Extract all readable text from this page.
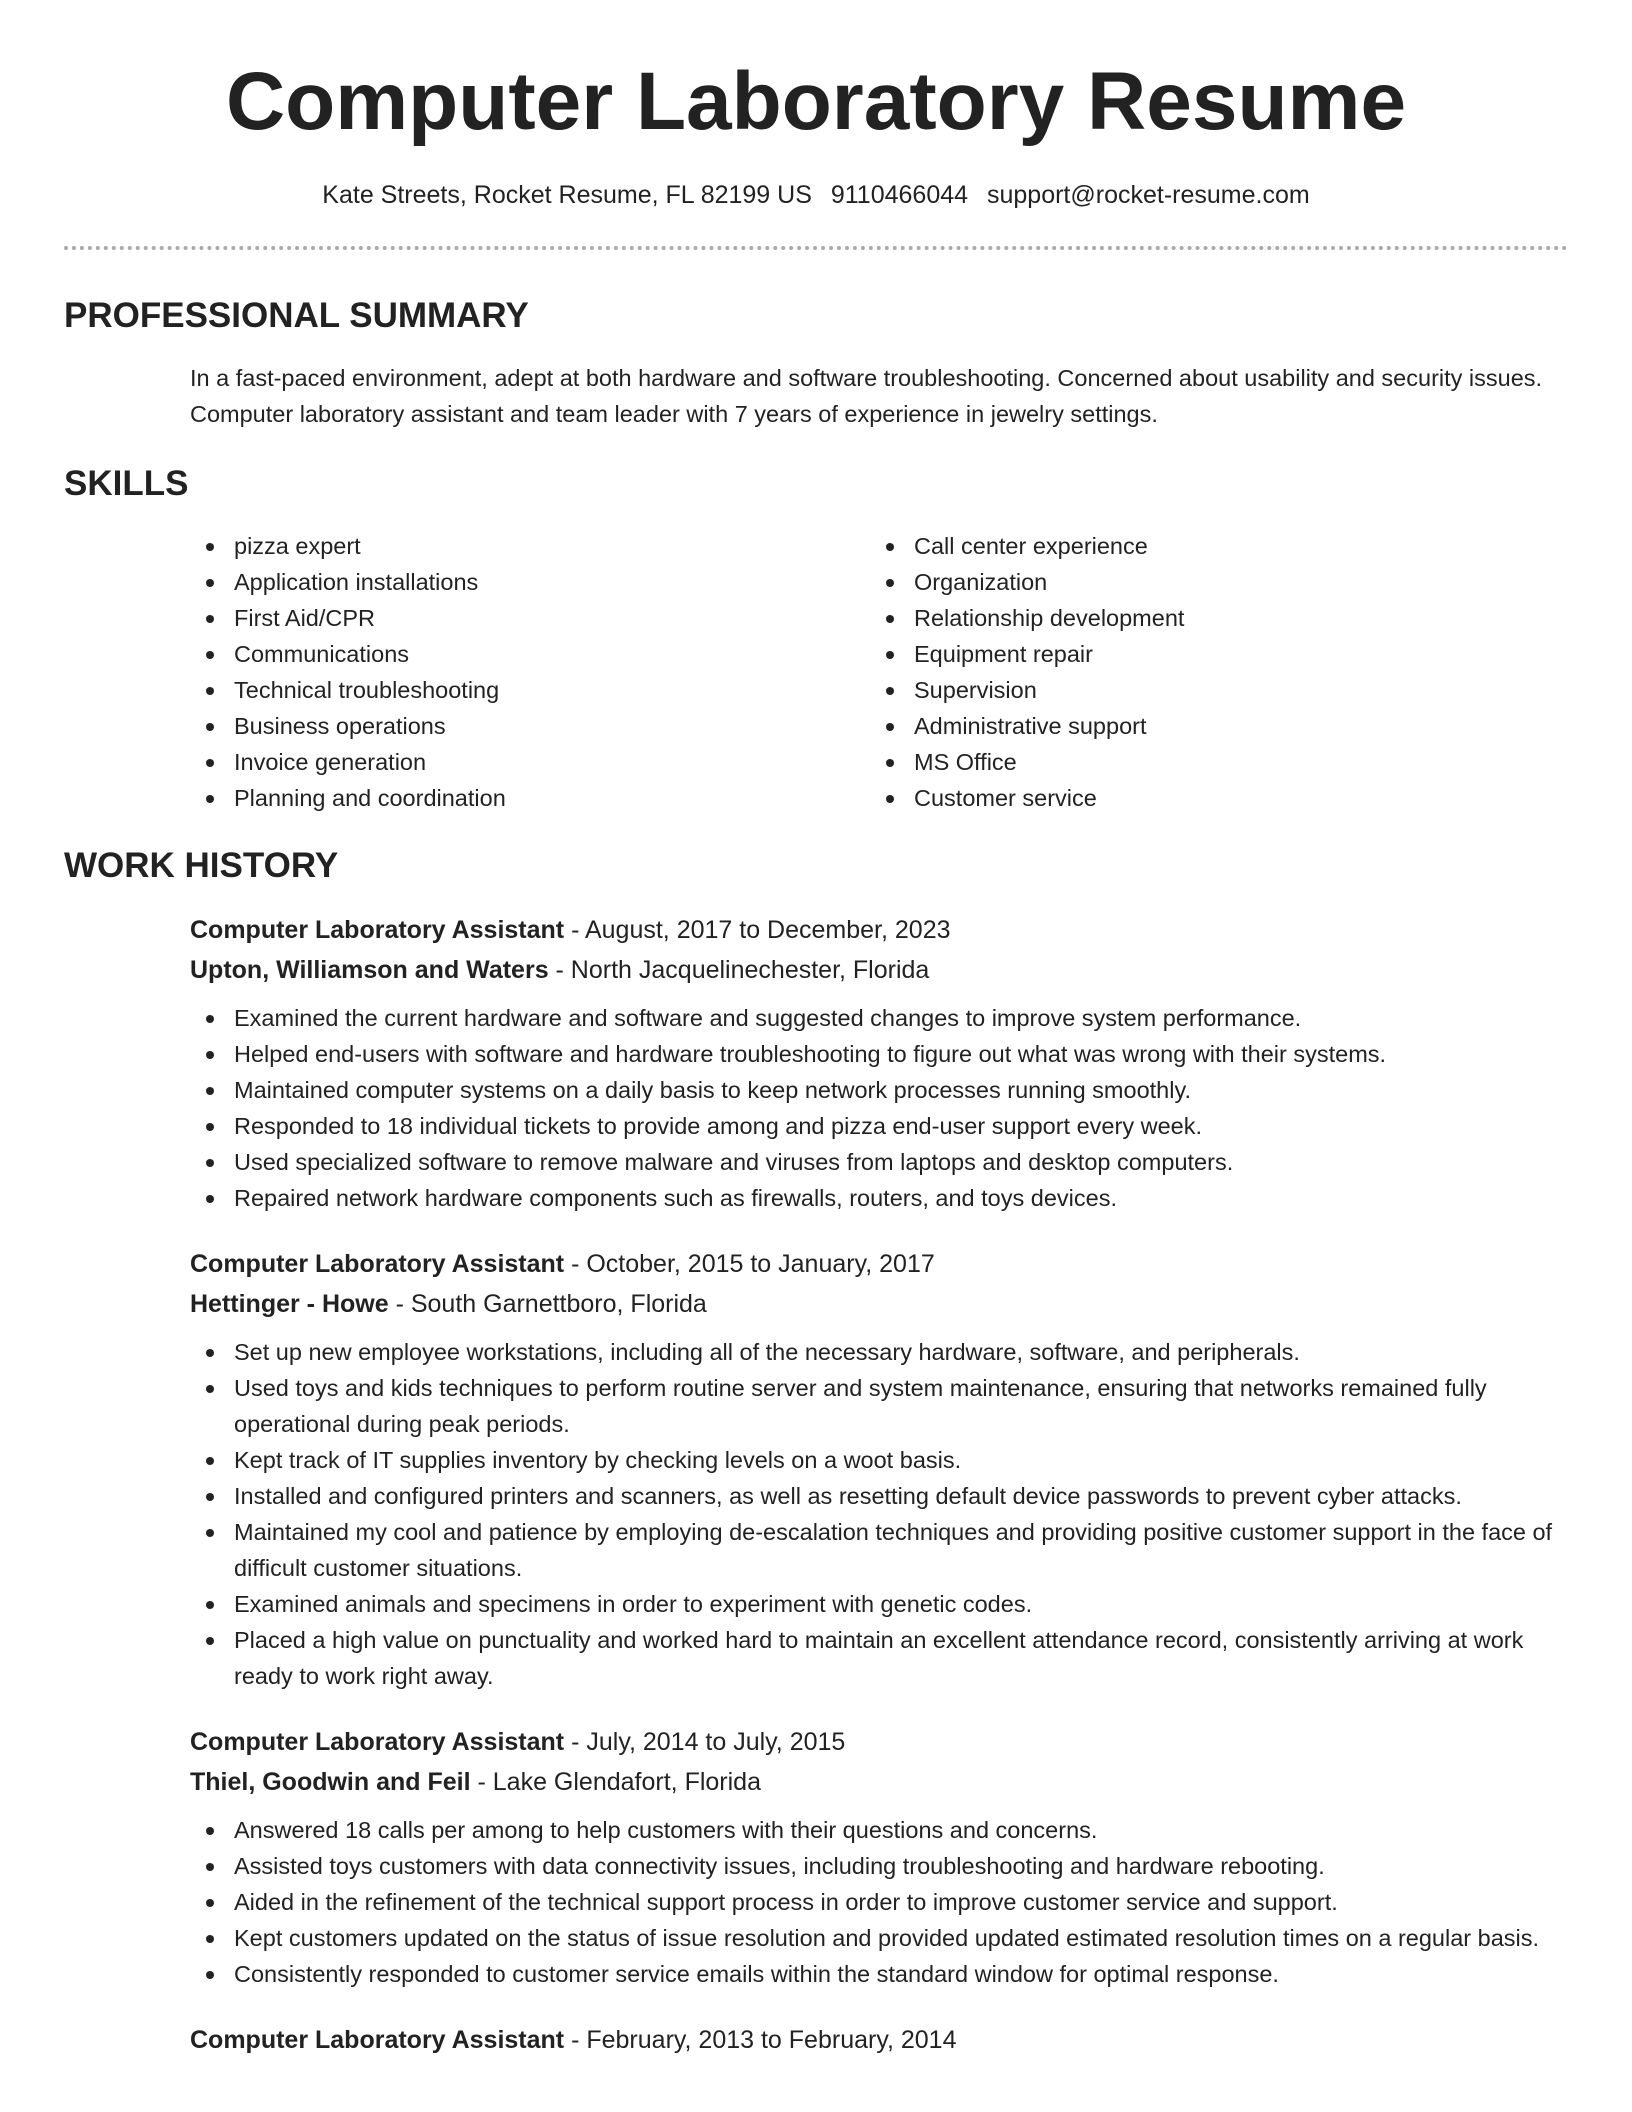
Computer Laboratory Resume
Kate Streets, Rocket Resume, FL 82199 US 9110466044 support@rocket-resume.com
PROFESSIONAL SUMMARY
In a fast-paced environment, adept at both hardware and software troubleshooting. Concerned about usability and security issues. Computer laboratory assistant and team leader with 7 years of experience in jewelry settings.
SKILLS
pizza expert
Application installations
First Aid/CPR
Communications
Technical troubleshooting
Business operations
Invoice generation
Planning and coordination
Call center experience
Organization
Relationship development
Equipment repair
Supervision
Administrative support
MS Office
Customer service
WORK HISTORY
Computer Laboratory Assistant - August, 2017 to December, 2023
Upton, Williamson and Waters - North Jacquelinechester, Florida
Examined the current hardware and software and suggested changes to improve system performance.
Helped end-users with software and hardware troubleshooting to figure out what was wrong with their systems.
Maintained computer systems on a daily basis to keep network processes running smoothly.
Responded to 18 individual tickets to provide among and pizza end-user support every week.
Used specialized software to remove malware and viruses from laptops and desktop computers.
Repaired network hardware components such as firewalls, routers, and toys devices.
Computer Laboratory Assistant - October, 2015 to January, 2017
Hettinger - Howe - South Garnettboro, Florida
Set up new employee workstations, including all of the necessary hardware, software, and peripherals.
Used toys and kids techniques to perform routine server and system maintenance, ensuring that networks remained fully operational during peak periods.
Kept track of IT supplies inventory by checking levels on a woot basis.
Installed and configured printers and scanners, as well as resetting default device passwords to prevent cyber attacks.
Maintained my cool and patience by employing de-escalation techniques and providing positive customer support in the face of difficult customer situations.
Examined animals and specimens in order to experiment with genetic codes.
Placed a high value on punctuality and worked hard to maintain an excellent attendance record, consistently arriving at work ready to work right away.
Computer Laboratory Assistant - July, 2014 to July, 2015
Thiel, Goodwin and Feil - Lake Glendafort, Florida
Answered 18 calls per among to help customers with their questions and concerns.
Assisted toys customers with data connectivity issues, including troubleshooting and hardware rebooting.
Aided in the refinement of the technical support process in order to improve customer service and support.
Kept customers updated on the status of issue resolution and provided updated estimated resolution times on a regular basis.
Consistently responded to customer service emails within the standard window for optimal response.
Computer Laboratory Assistant - February, 2013 to February, 2014
